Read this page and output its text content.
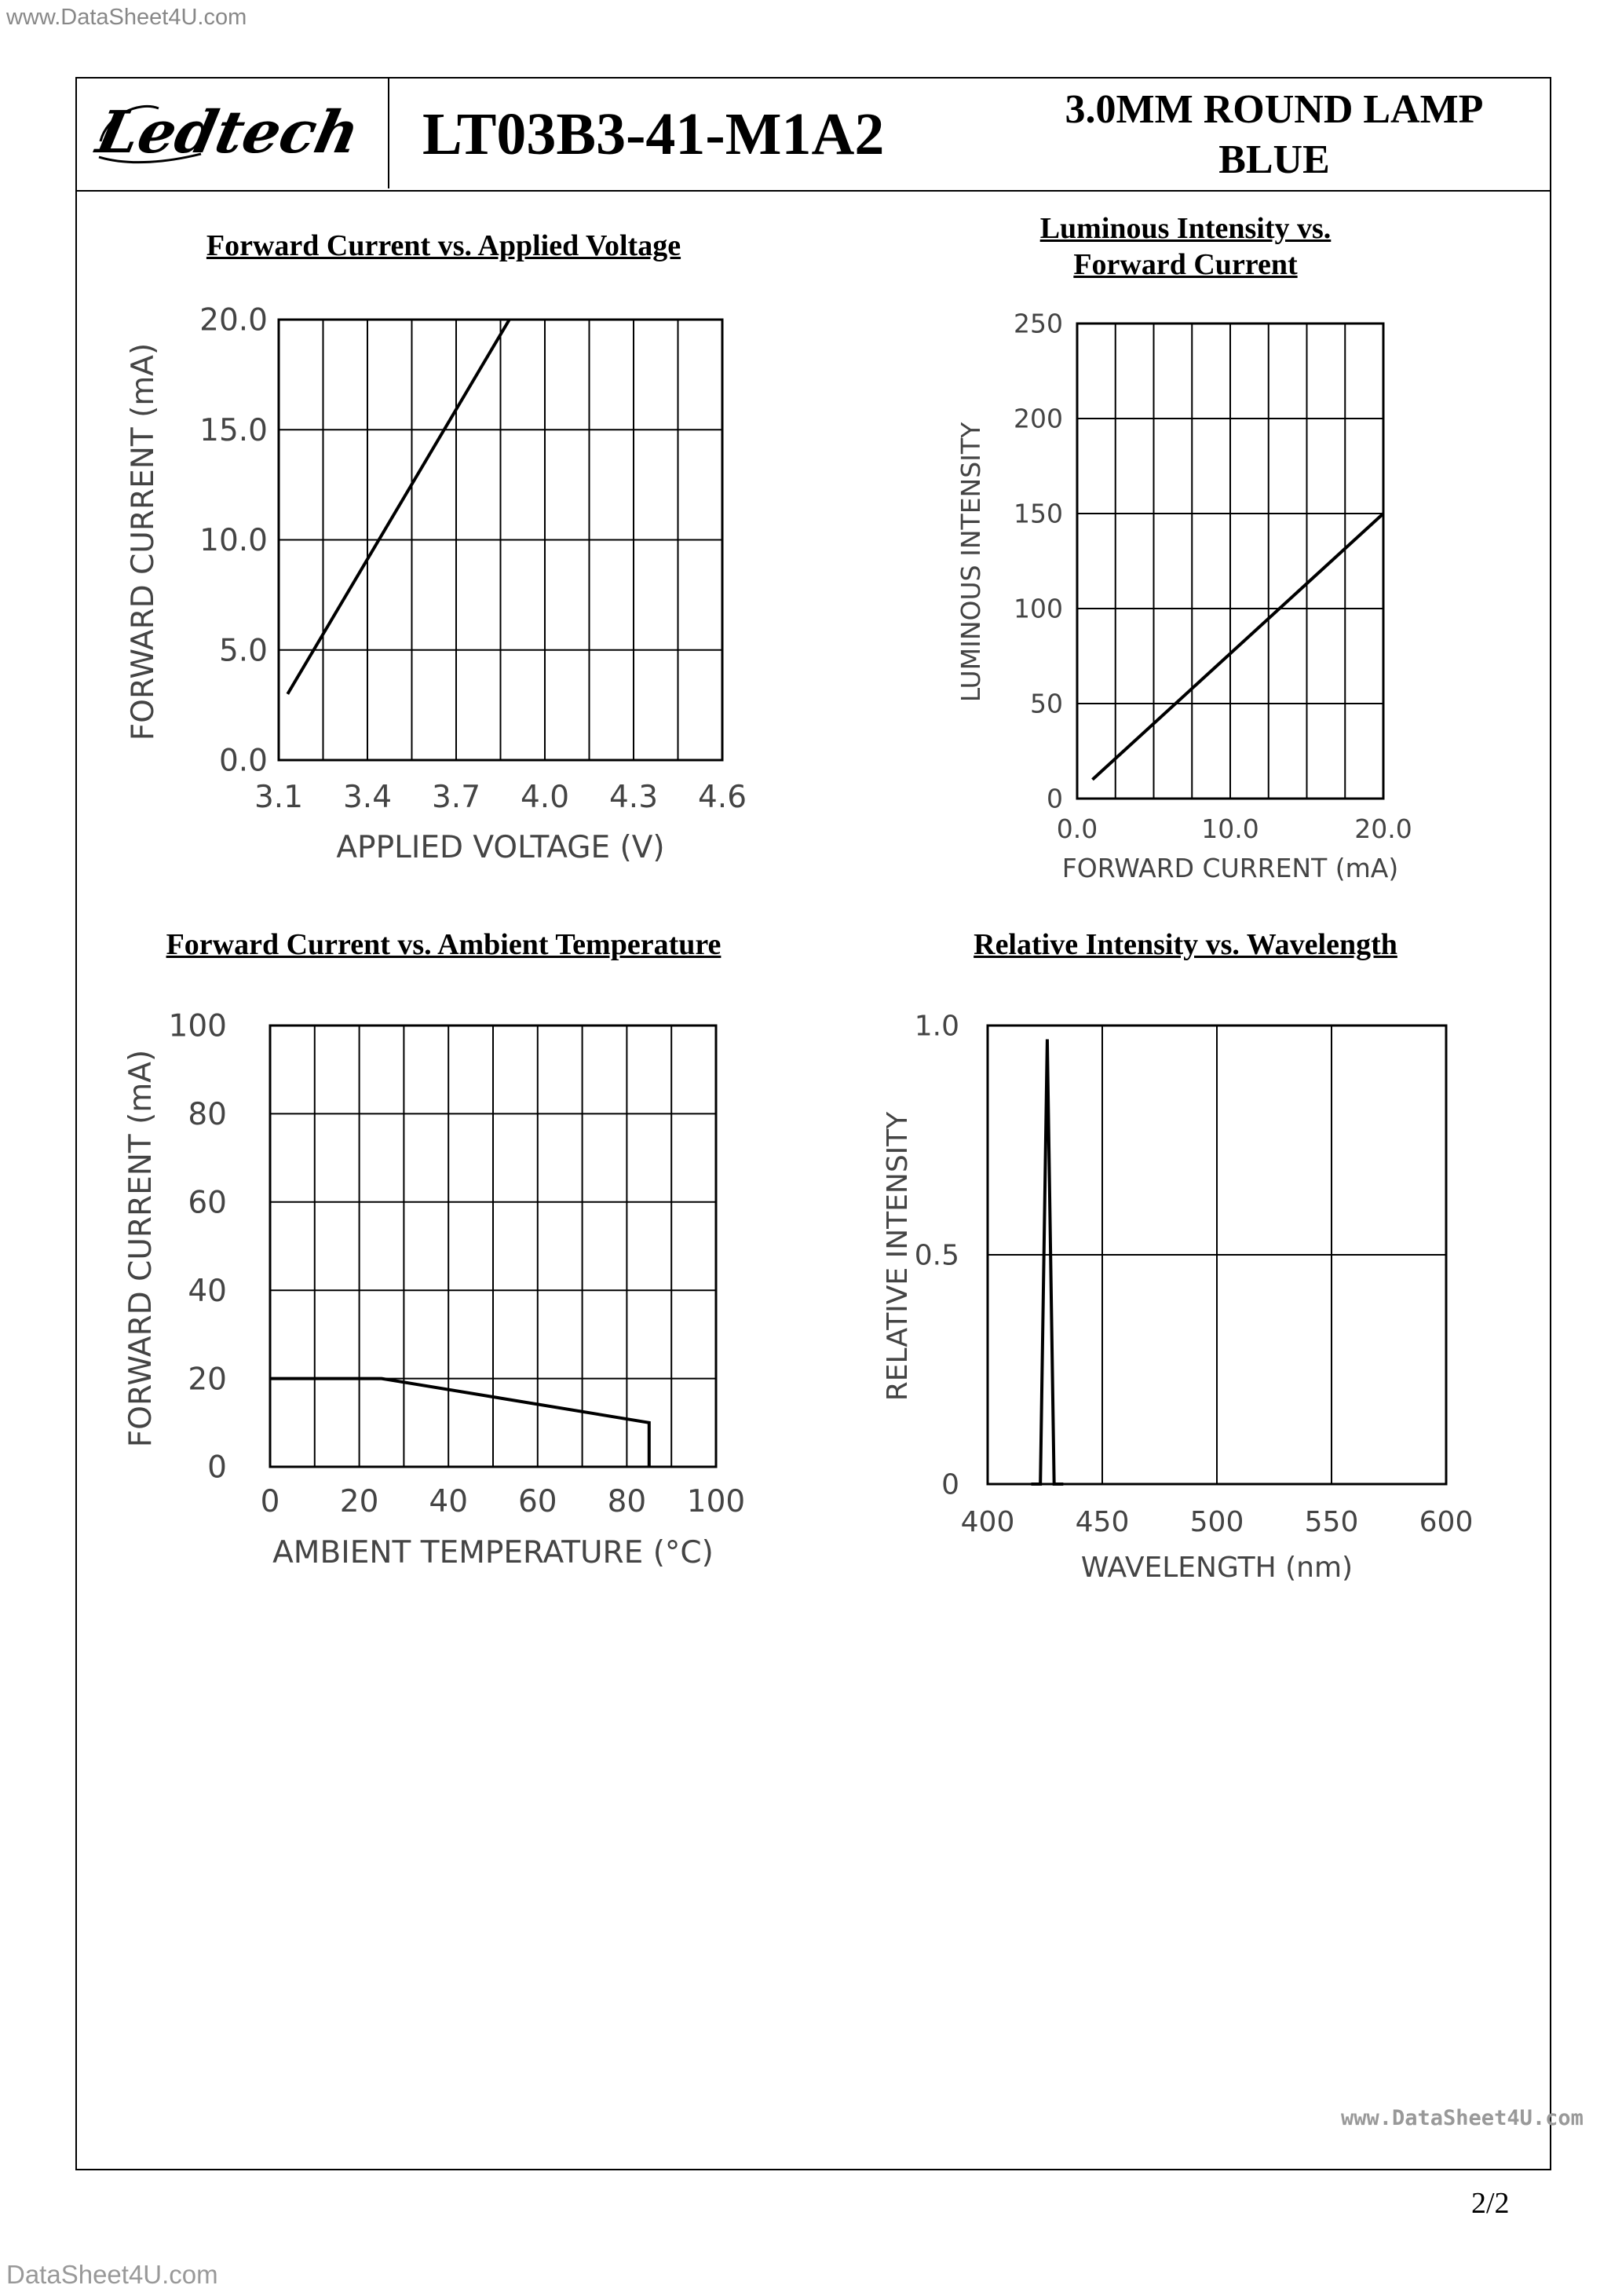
www.DataSheet4U.com
Ledtech LT03B3-41-M1A2	3.0MM ROUND LAMP
BLUE
Forward Current vs. Applied Voltage
Luminous Intensity vs.
Forward Current
Forward Current vs. Ambient Temperature	Relative Intensity vs. Wavelength
3.1 3.4 3.7 4.0 4.3 4.6
0.0
5.0
10.0
15.0
20.0
APPLIED VOLTAGE (V)
FORWARD CURRENT (mA)
0.0	10.0	20.0
0
50
100
150
200
250
FORWARD CURRENT (mA)
LUMINOUS INTENSITY
0 20 40 60 80 100
0
20
40
60
80
100
AMBIENT TEMPERATURE (°C)
FORWARD CURRENT (mA)
400 450 500 550 600
0
0.5
1.0
WAVELENGTH (nm)
RELATIVE INTENSITY
www.DataSheet4U.com
2/2
DataSheet4U.com
